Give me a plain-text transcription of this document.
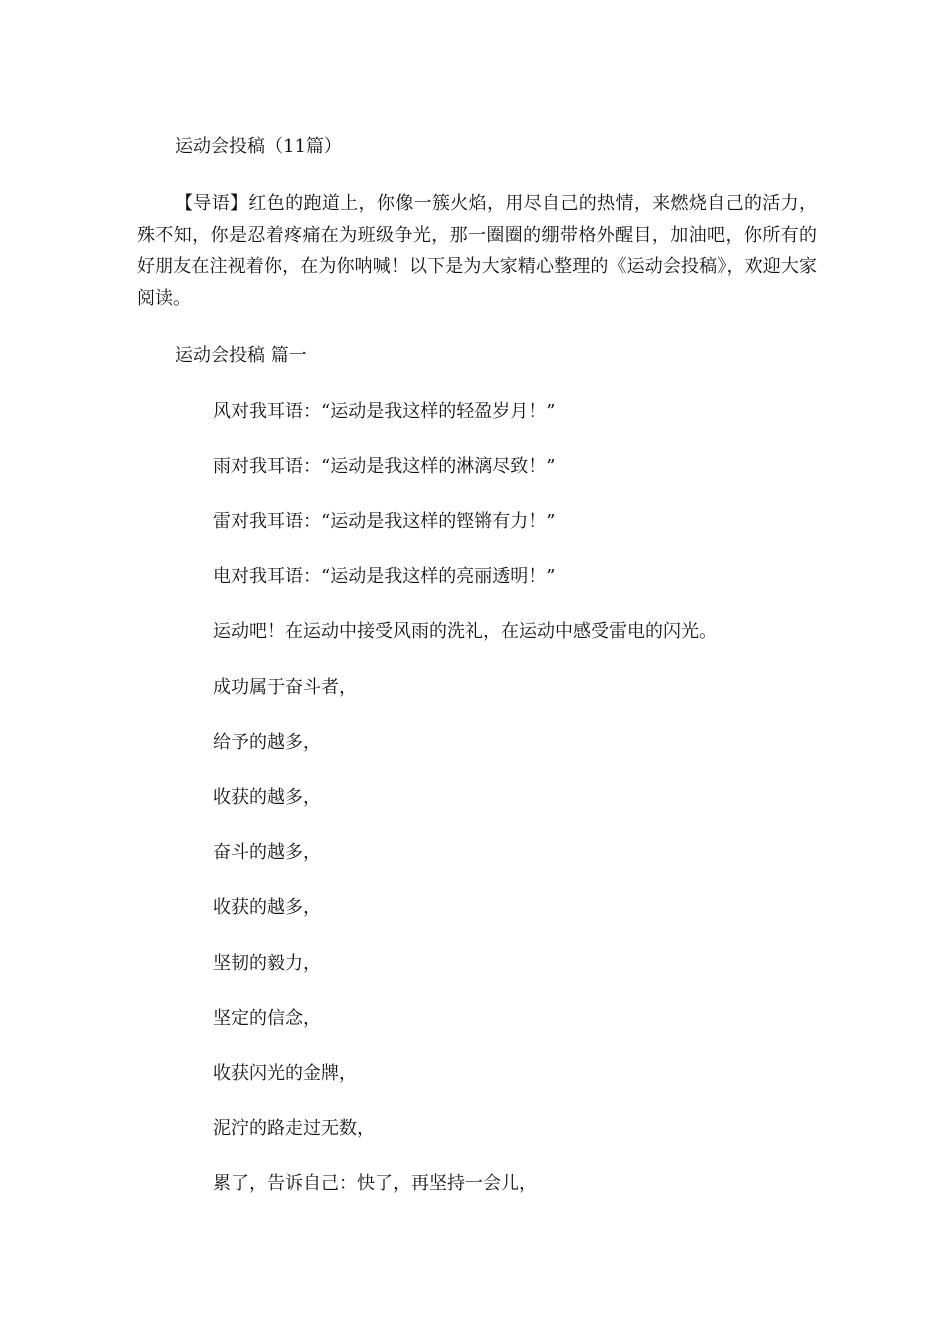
运动会投稿（11篇）
【导语】红色的跑道上，你像一簇火焰，用尽自己的热情，来燃烧自己的活力，殊不知，你是忍着疼痛在为班级争光，那一圈圈的绷带格外醒目，加油吧，你所有的好朋友在注视着你，在为你呐喊！以下是为大家精心整理的《运动会投稿》，欢迎大家阅读。
运动会投稿 篇一
风对我耳语：“运动是我这样的轻盈岁月！”
雨对我耳语：“运动是我这样的淋漓尽致！”
雷对我耳语：“运动是我这样的铿锵有力！”
电对我耳语：“运动是我这样的亮丽透明！”
运动吧！在运动中接受风雨的洗礼，在运动中感受雷电的闪光。
成功属于奋斗者，
给予的越多，
收获的越多，
奋斗的越多，
收获的越多，
坚韧的毅力，
坚定的信念，
收获闪光的金牌，
泥泞的路走过无数，
累了，告诉自己：快了，再坚持一会儿，
